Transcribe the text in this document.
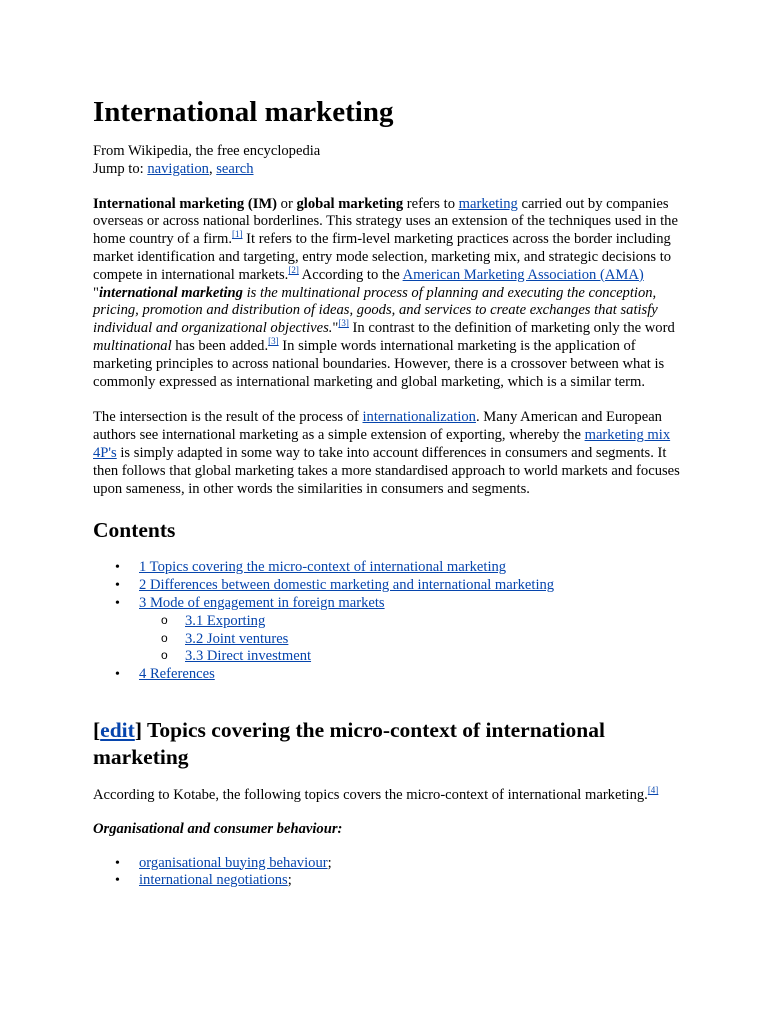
International marketing
From Wikipedia, the free encyclopedia
Jump to: navigation, search

International marketing (IM) or global marketing refers to marketing carried out by companies overseas or across national borderlines. This strategy uses an extension of the techniques used in the home country of a firm.[1] It refers to the firm-level marketing practices across the border including market identification and targeting, entry mode selection, marketing mix, and strategic decisions to compete in international markets.[2] According to the American Marketing Association (AMA) "international marketing is the multinational process of planning and executing the conception, pricing, promotion and distribution of ideas, goods, and services to create exchanges that satisfy individual and organizational objectives."[3] In contrast to the definition of marketing only the word multinational has been added.[3] In simple words international marketing is the application of marketing principles to across national boundaries. However, there is a crossover between what is commonly expressed as international marketing and global marketing, which is a similar term.

The intersection is the result of the process of internationalization. Many American and European authors see international marketing as a simple extension of exporting, whereby the marketing mix 4P's is simply adapted in some way to take into account differences in consumers and segments. It then follows that global marketing takes a more standardised approach to world markets and focuses upon sameness, in other words the similarities in consumers and segments.

Contents
• 1 Topics covering the micro-context of international marketing
• 2 Differences between domestic marketing and international marketing
• 3 Mode of engagement in foreign markets
o 3.1 Exporting
o 3.2 Joint ventures
o 3.3 Direct investment
• 4 References
[edit] Topics covering the micro-context of international marketing

According to Kotabe, the following topics covers the micro-context of international marketing.[4]

Organisational and consumer behaviour:

• organisational buying behaviour;
• international negotiations;
